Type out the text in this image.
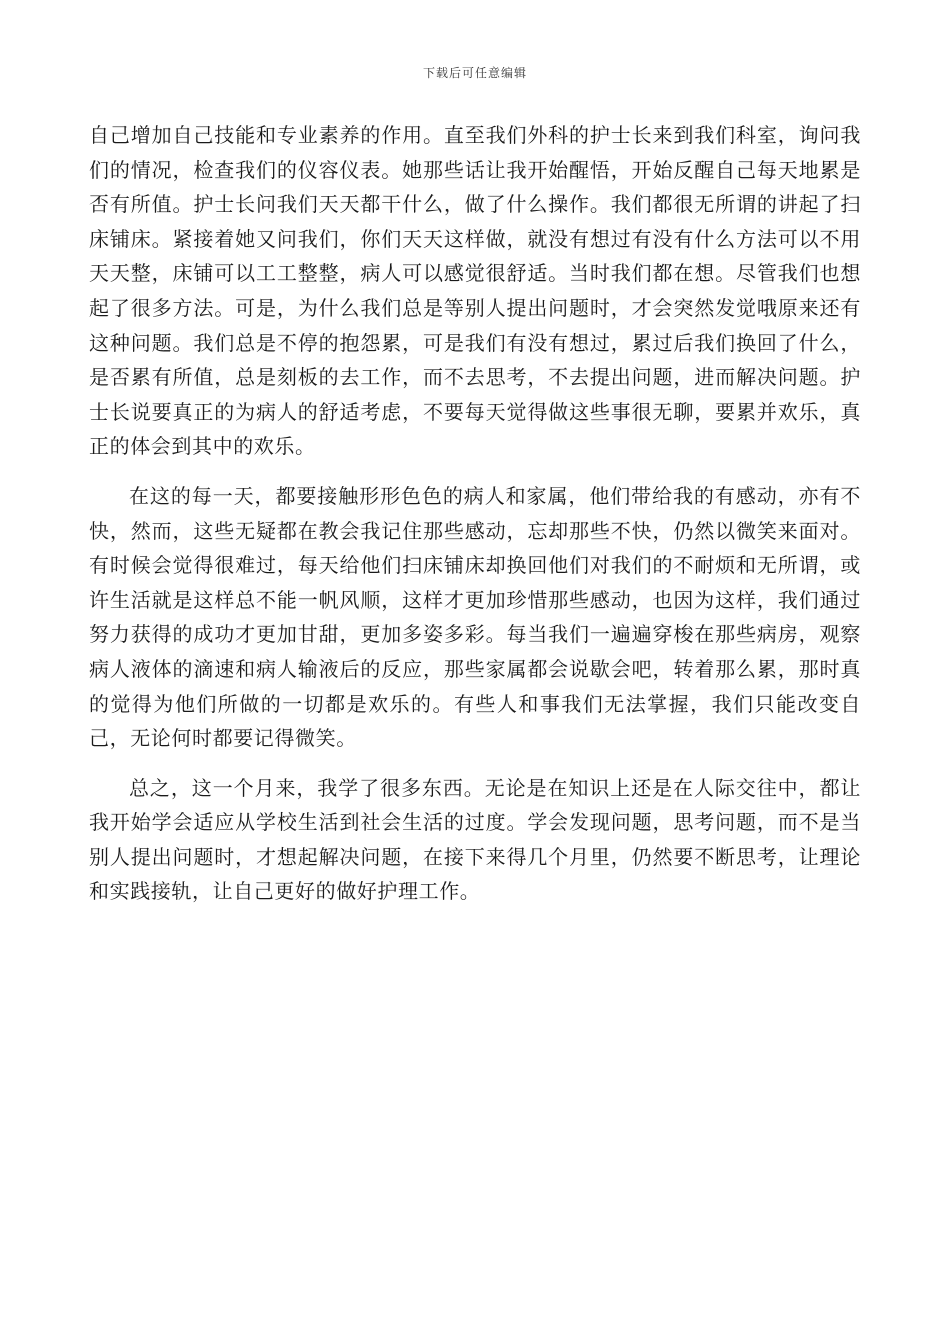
下载后可任意编辑

自己增加自己技能和专业素养的作用。直至我们外科的护士长来到我们科室，询问我们的情况，检查我们的仪容仪表。她那些话让我开始醒悟，开始反醒自己每天地累是否有所值。护士长问我们天天都干什么，做了什么操作。我们都很无所谓的讲起了扫床铺床。紧接着她又问我们，你们天天这样做，就没有想过有没有什么方法可以不用天天整，床铺可以工工整整，病人可以感觉很舒适。当时我们都在想。尽管我们也想起了很多方法。可是，为什么我们总是等别人提出问题时，才会突然发觉哦原来还有这种问题。我们总是不停的抱怨累，可是我们有没有想过，累过后我们换回了什么，是否累有所值，总是刻板的去工作，而不去思考，不去提出问题，进而解决问题。护士长说要真正的为病人的舒适考虑，不要每天觉得做这些事很无聊，要累并欢乐，真正的体会到其中的欢乐。

在这的每一天，都要接触形形色色的病人和家属，他们带给我的有感动，亦有不快，然而，这些无疑都在教会我记住那些感动，忘却那些不快，仍然以微笑来面对。有时候会觉得很难过，每天给他们扫床铺床却换回他们对我们的不耐烦和无所谓，或许生活就是这样总不能一帆风顺，这样才更加珍惜那些感动，也因为这样，我们通过努力获得的成功才更加甘甜，更加多姿多彩。每当我们一遍遍穿梭在那些病房，观察病人液体的滴速和病人输液后的反应，那些家属都会说歇会吧，转着那么累，那时真的觉得为他们所做的一切都是欢乐的。有些人和事我们无法掌握，我们只能改变自己，无论何时都要记得微笑。

总之，这一个月来，我学了很多东西。无论是在知识上还是在人际交往中，都让我开始学会适应从学校生活到社会生活的过度。学会发现问题，思考问题，而不是当别人提出问题时，才想起解决问题，在接下来得几个月里，仍然要不断思考，让理论和实践接轨，让自己更好的做好护理工作。
